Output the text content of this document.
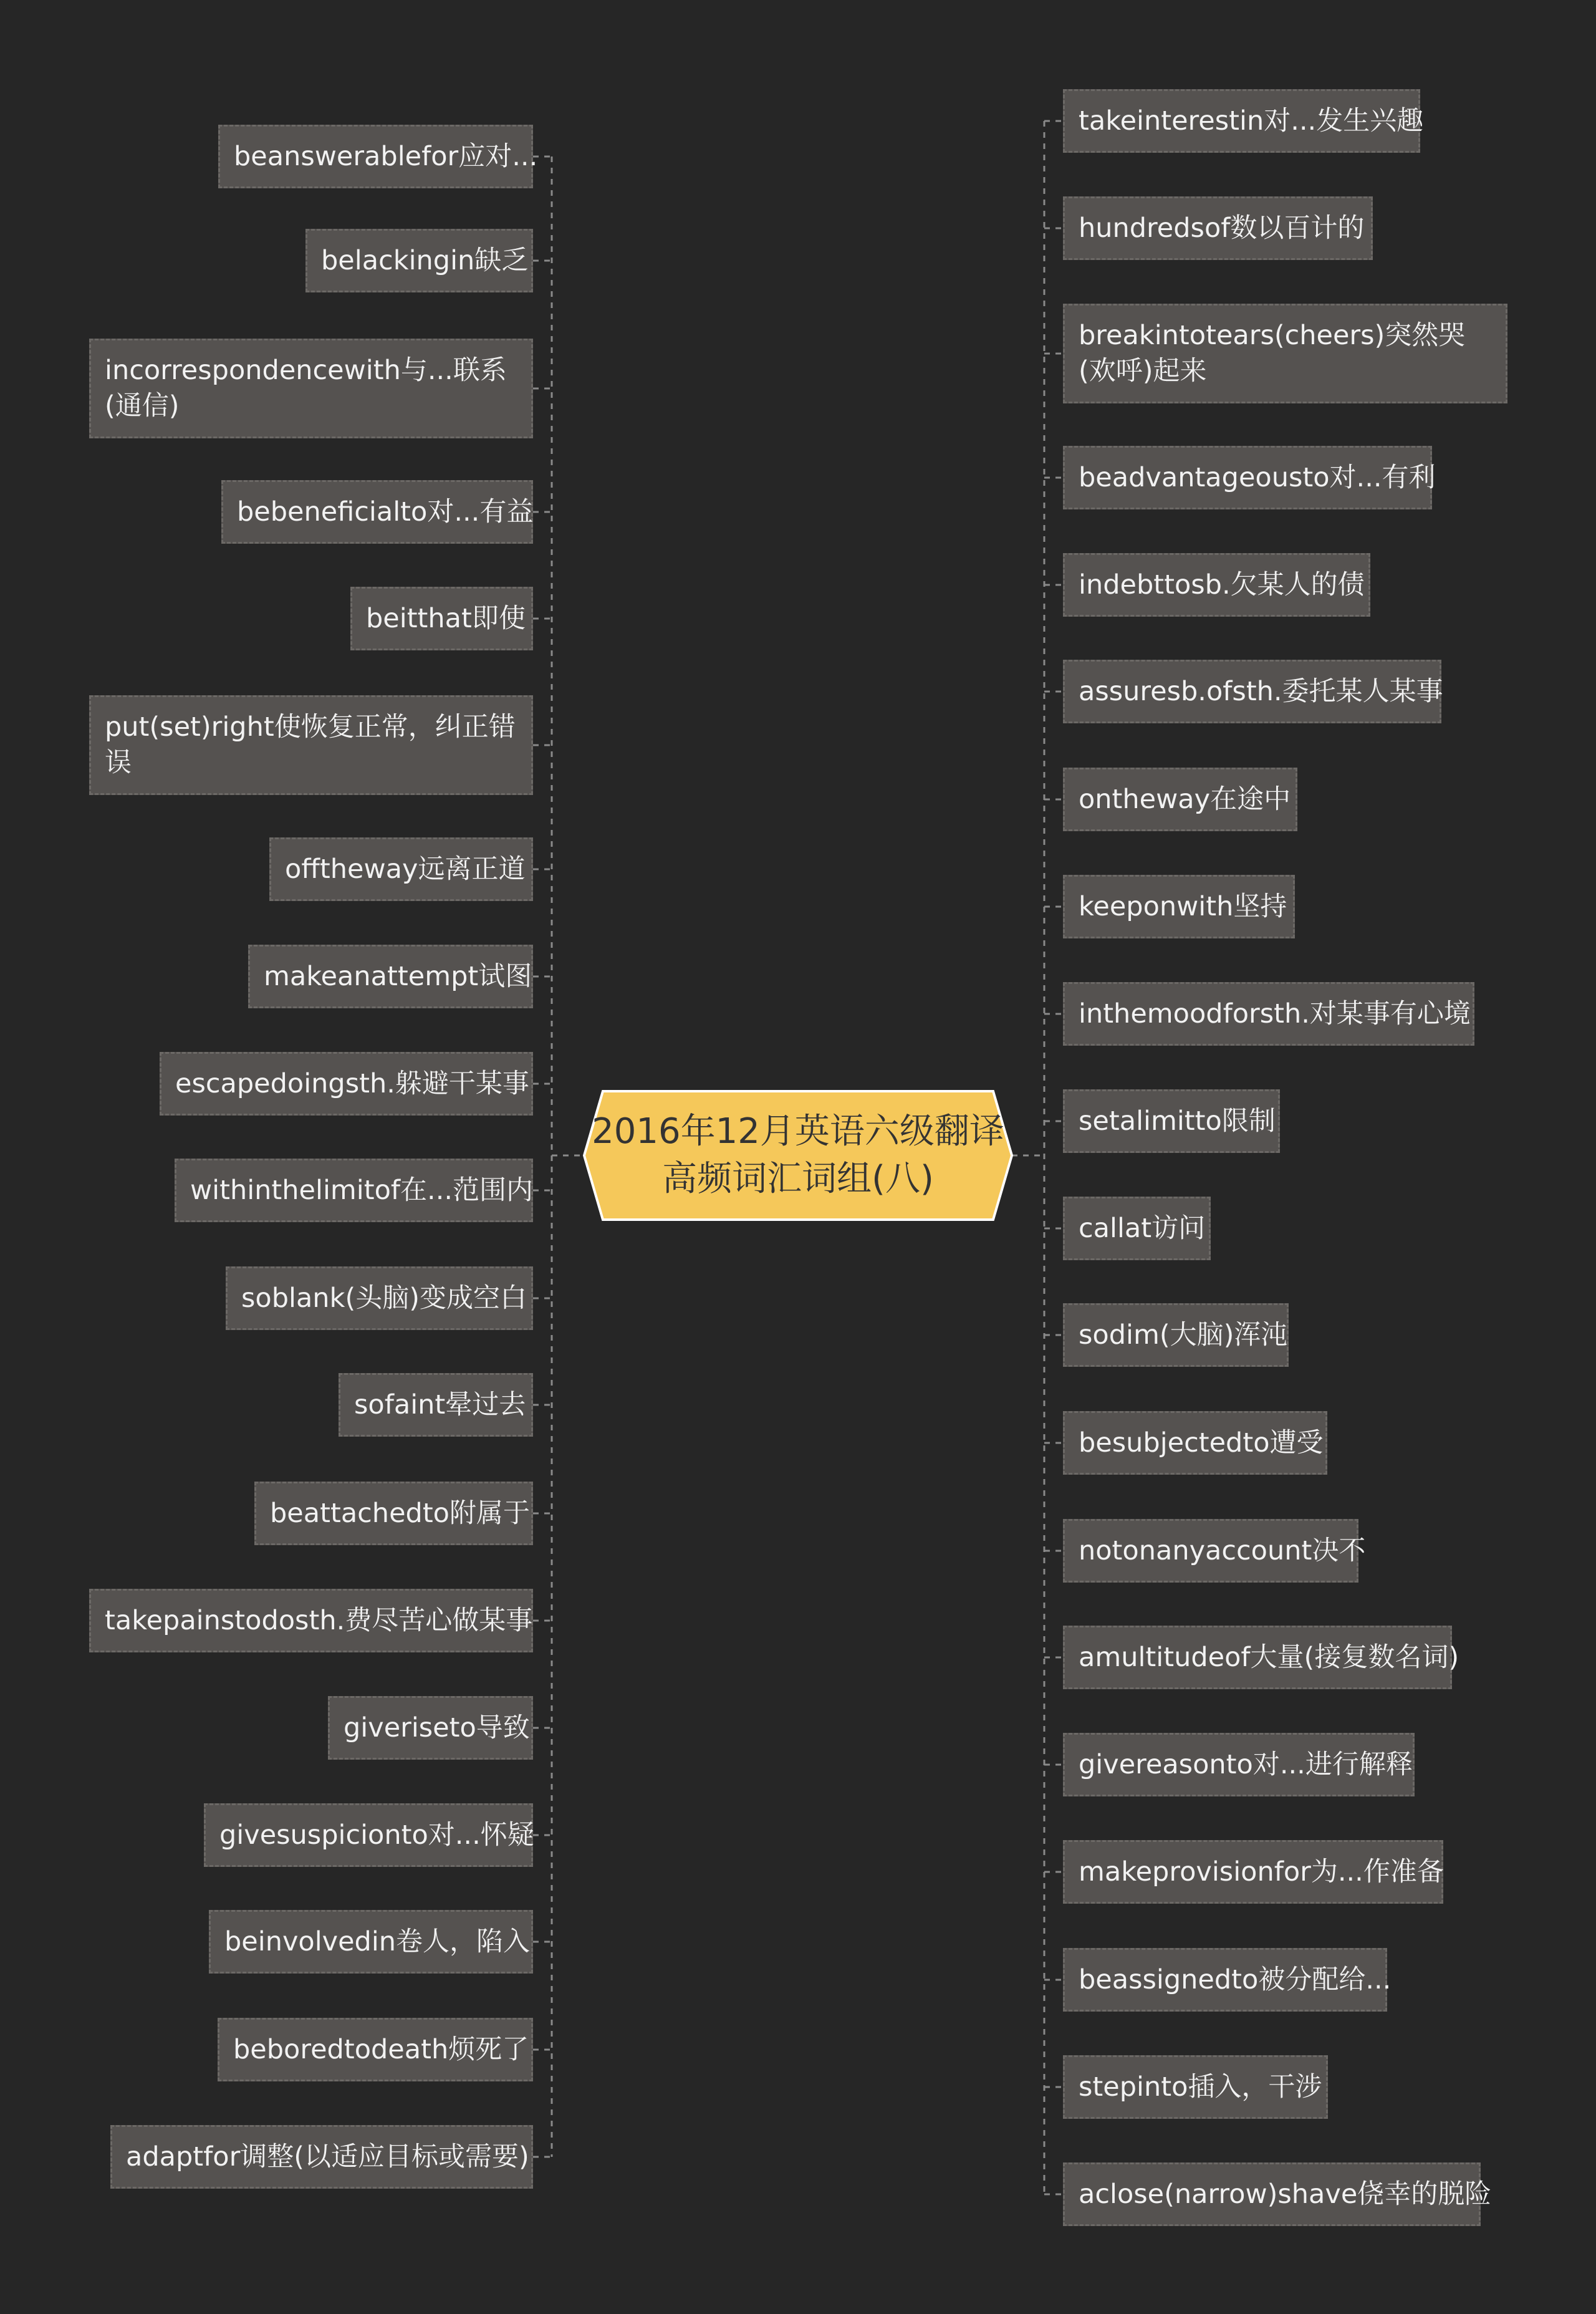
2016年12月英语六级翻译
高频词汇词组(八)
beanswerablefor应对...
belackingin缺乏
incorrespondencewith与...联系(通信)
bebeneficialto对...有益
beitthat即使
put(set)right使恢复正常，纠正错误
offtheway远离正道
makeanattempt试图
escapedoingsth.躲避干某事
withinthelimitof在...范围内
soblank(头脑)变成空白
sofaint晕过去
beattachedto附属于
takepainstodosth.费尽苦心做某事
giveriseto导致
givesuspicionto对...怀疑
beinvolvedin卷人，陷入
beboredtodeath烦死了
adaptfor调整(以适应目标或需要)
takeinterestin对...发生兴趣
hundredsof数以百计的
breakintotears(cheers)突然哭(欢呼)起来
beadvantageousto对...有利
indebttosb.欠某人的债
assuresb.ofsth.委托某人某事
ontheway在途中
keeponwith坚持
inthemoodforsth.对某事有心境
setalimitto限制
callat访问
sodim(大脑)浑沌
besubjectedto遭受
notonanyaccount决不
amultitudeof大量(接复数名词)
givereasonto对...进行解释
makeprovisionfor为...作准备
beassignedto被分配给...
stepinto插入，干涉
aclose(narrow)shave侥幸的脱险
